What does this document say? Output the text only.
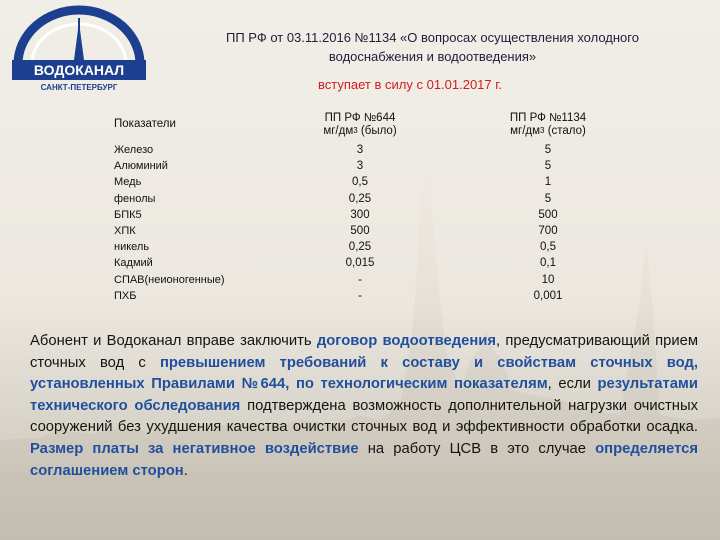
ВОДОКАНАЛ
САНКТ-ПЕТЕРБУРГ
ПП РФ от 03.11.2016 №1134 «О вопросах осуществления холодного
водоснабжения и водоотведения»
вступает в силу с 01.01.2017 г.
Показатели	ПП РФ №644
$мг/дм^3$ (было)
ПП РФ №1134
$мг/дм^3$ (стало)
Железо
Алюминий
Медь
фенолы
БПК5
ХПК
никель
Кадмий
СПАВ(неионогенные)
ПХБ
3
3
0,5
0,25
300
500
0,25
0,015
-
-
5
5
1
5
500
700
0,5
0,1
10
0,001
Абонент и Водоканал вправе заключить договор водоотведения, предусматривающий прием сточных вод с превышением требований к составу и свойствам сточных вод, установленных Правилами №644, по технологическим показателям, если результатами технического обследования подтверждена возможность дополнительной нагрузки очистных сооружений без ухудшения качества очистки сточных вод и эффективности обработки осадка. Размер платы за негативное воздействие на работу ЦСВ в это случае определяется соглашением сторон.
